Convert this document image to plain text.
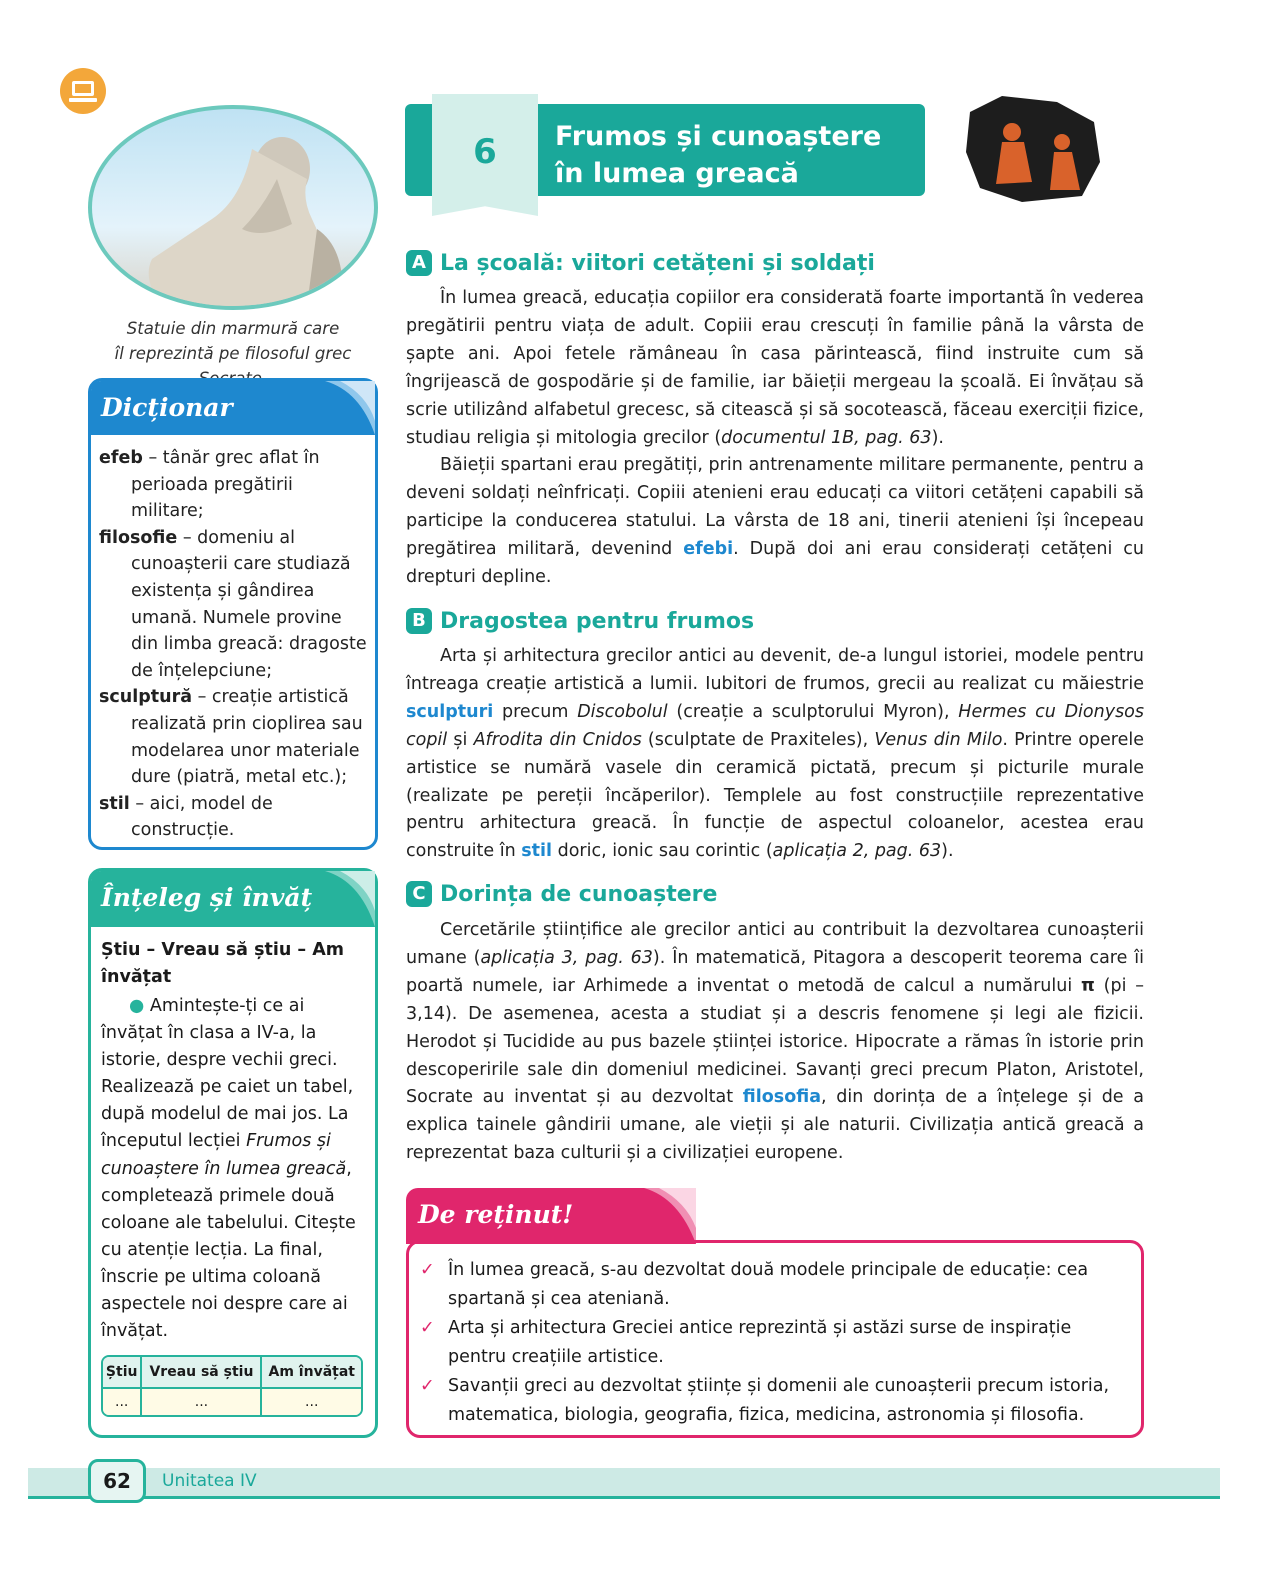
Statuie din marmură care
îl reprezintă pe filosoful grec
Dicționar
efeb – tânăr grec aflat în perioada pregătirii militare;
filosofie – domeniu al cunoașterii care studiază existența și gândirea umană. Numele provine din limba greacă: dragoste de înțelepciune;
sculptură – creație artistică realizată prin cioplirea sau modelarea unor materiale dure (piatră, metal etc.);
stil – aici, model de construcție.
Înțeleg și învăț
Știu – Vreau să știu – Am învățat
● Amintește-ți ce ai învățat în clasa a IV-a, la istorie, despre vechii greci. Realizează pe caiet un tabel, după modelul de mai jos. La începutul lecției Frumos și cunoaștere în lumea greacă, completează primele două coloane ale tabelului. Citește cu atenție lecția. La final, înscrie pe ultima coloană aspectele noi despre care ai învățat.
Știu	Vreau să știu	Am învățat
...	...	...
6	Frumos și cunoaștere
în lumea greacă
A La școală: viitori cetățeni și soldați

În lumea greacă, educația copiilor era considerată foarte importantă în vederea pregătirii pentru viața de adult. Copiii erau crescuți în familie până la vârsta de șapte ani. Apoi fetele rămâneau în casa părintească, fiind instruite cum să îngrijească de gospodărie și de familie, iar băieții mergeau la școală. Ei învățau să scrie utilizând alfabetul grecesc, să citească și să socotească, făceau exerciții fizice, studiau religia și mitologia grecilor (documentul 1B, pag. 63).

Băieții spartani erau pregătiți, prin antrenamente militare permanente, pentru a deveni soldați neînfricați. Copiii atenieni erau educați ca viitori cetățeni capabili să participe la conducerea statului. La vârsta de 18 ani, tinerii atenieni își începeau pregătirea militară, devenind efebi. După doi ani erau considerați cetățeni cu drepturi depline.

B Dragostea pentru frumos

Arta și arhitectura grecilor antici au devenit, de-a lungul istoriei, modele pentru întreaga creație artistică a lumii. Iubitori de frumos, grecii au realizat cu măiestrie sculpturi precum Discobolul (creație a sculptorului Myron), Hermes cu Dionysos copil și Afrodita din Cnidos (sculptate de Praxiteles), Venus din Milo. Printre operele artistice se numără vasele din ceramică pictată, precum și picturile murale (realizate pe pereții încăperilor). Templele au fost construcțiile reprezentative pentru arhitectura greacă. În funcție de aspectul coloanelor, acestea erau construite în stil doric, ionic sau corintic (aplicația 2, pag. 63).

C Dorința de cunoaștere

Cercetările științifice ale grecilor antici au contribuit la dezvoltarea cunoașterii umane (aplicația 3, pag. 63). În matematică, Pitagora a descoperit teorema care îi poartă numele, iar Arhimede a inventat o metodă de calcul a numărului π (pi – 3,14). De asemenea, acesta a studiat și a descris fenomene și legi ale fizicii. Herodot și Tucidide au pus bazele științei istorice. Hipocrate a rămas în istorie prin descoperirile sale din domeniul medicinei. Savanți greci precum Platon, Aristotel, Socrate au inventat și au dezvoltat filosofia, din dorința de a înțelege și de a explica tainele gândirii umane, ale vieții și ale naturii. Civilizația antică greacă a reprezentat baza culturii și a civilizației europene.

De reținut!
✓ În lumea greacă, s-au dezvoltat două modele principale de educație: cea spartană și cea ateniană.
✓ Arta și arhitectura Greciei antice reprezintă și astăzi surse de inspirație pentru creațiile artistice.
✓ Savanții greci au dezvoltat științe și domenii ale cunoașterii precum istoria, matematica, biologia, geografia, fizica, medicina, astronomia și filosofia.
62	Unitatea IV
